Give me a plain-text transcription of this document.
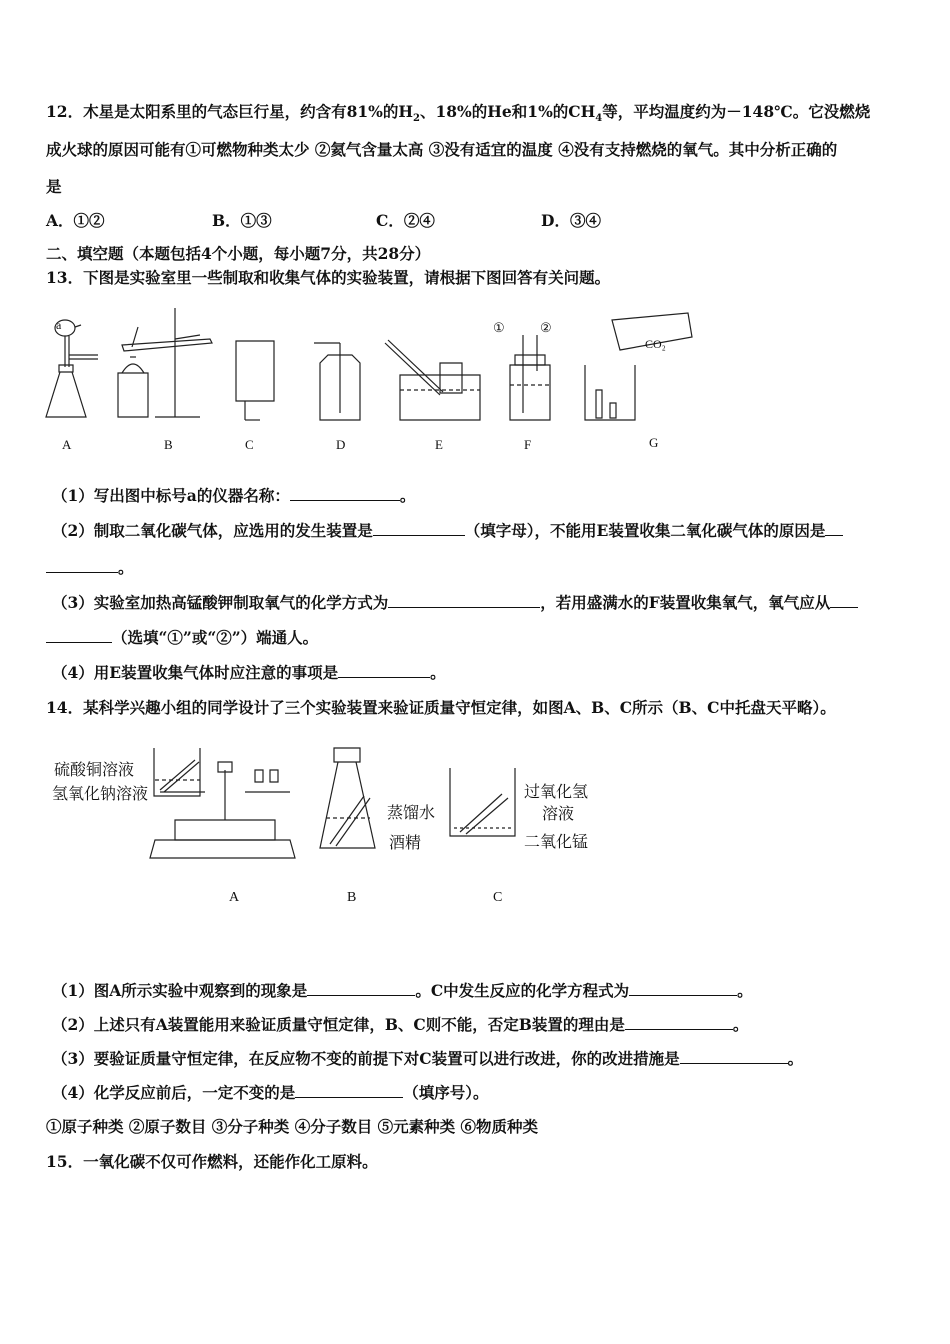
12．木星是太阳系里的气态巨行星，约含有81%的$H_2$、18%的He和1%的$CH_4$等，平均温度约为－148℃。它没燃烧
成火球的原因可能有①可燃物种类太少 ②氦气含量太高 ③没有适宜的温度 ④没有支持燃烧的氧气。其中分析正确的
是
A．①②	B．①③	C．②④	D．③④
二、填空题（本题包括4个小题，每小题7分，共28分）
13．下图是实验室里一些制取和收集气体的实验装置，请根据下图回答有关问题。
a	①	②
CO₂
A	B	C	D	E	F	G
（1）写出图中标号a的仪器名称：	。
（2）制取二氧化碳气体，应选用的发生装置是	（填字母），不能用E装置收集二氧化碳气体的原因是
。
（3）实验室加热高锰酸钾制取氧气的化学方式为	，若用盛满水的F装置收集氧气，氧气应从
（选填“①”或“②”）端通人。
（4）用E装置收集气体时应注意的事项是	。
14．某科学兴趣小组的同学设计了三个实验装置来验证质量守恒定律，如图A、B、C所示（B、C中托盘天平略）。
硫酸铜溶液
氢氧化钠溶液
蒸馏水
酒精
过氧化氢
溶液
二氧化锰
A	B	C
（1）图A所示实验中观察到的现象是	。C中发生反应的化学方程式为	。
（2）上述只有A装置能用来验证质量守恒定律，B、C则不能，否定B装置的理由是	。
（3）要验证质量守恒定律，在反应物不变的前提下对C装置可以进行改进，你的改进措施是	。
（4）化学反应前后，一定不变的是	（填序号）。
①原子种类 ②原子数目 ③分子种类 ④分子数目 ⑤元素种类 ⑥物质种类
15．一氧化碳不仅可作燃料，还能作化工原料。
